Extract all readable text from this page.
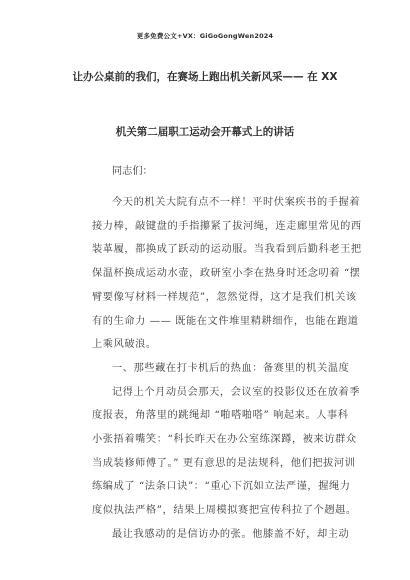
更多免费公文+VX：GiGoGongWen2024
让办公桌前的我们，在赛场上跑出机关新风采—— 在 XX
机关第二届职工运动会开幕式上的讲话
同志们：
今天的机关大院有点不一样！平时伏案疾书的手握着
接力棒，敲键盘的手指攥紧了拔河绳，连走廊里常见的西
装革履，都换成了跃动的运动服。当我看到后勤科老王把
保温杯换成运动水壶，政研室小李在热身时还念叨着 “摆
臂要像写材料一样规范”，忽然觉得，这才是我们机关该
有的生命力 —— 既能在文件堆里精耕细作，也能在跑道
上乘风破浪。
一、那些藏在打卡机后的热血：备赛里的机关温度
记得上个月动员会那天，会议室的投影仪还在放着季
度报表，角落里的跳绳却 “啪嗒啪嗒” 响起来。人事科
小张捂着嘴笑：“科长昨天在办公室练深蹲，被来访群众
当成装修师傅了。” 更有意思的是法规科，他们把拔河训
练编成了 “法条口诀”：“重心下沉如立法严谨，握绳力
度似执法严格”，结果上周模拟赛把宣传科拉了个趔趄。
最让我感动的是信访办的张。他膝盖不好，却主动
